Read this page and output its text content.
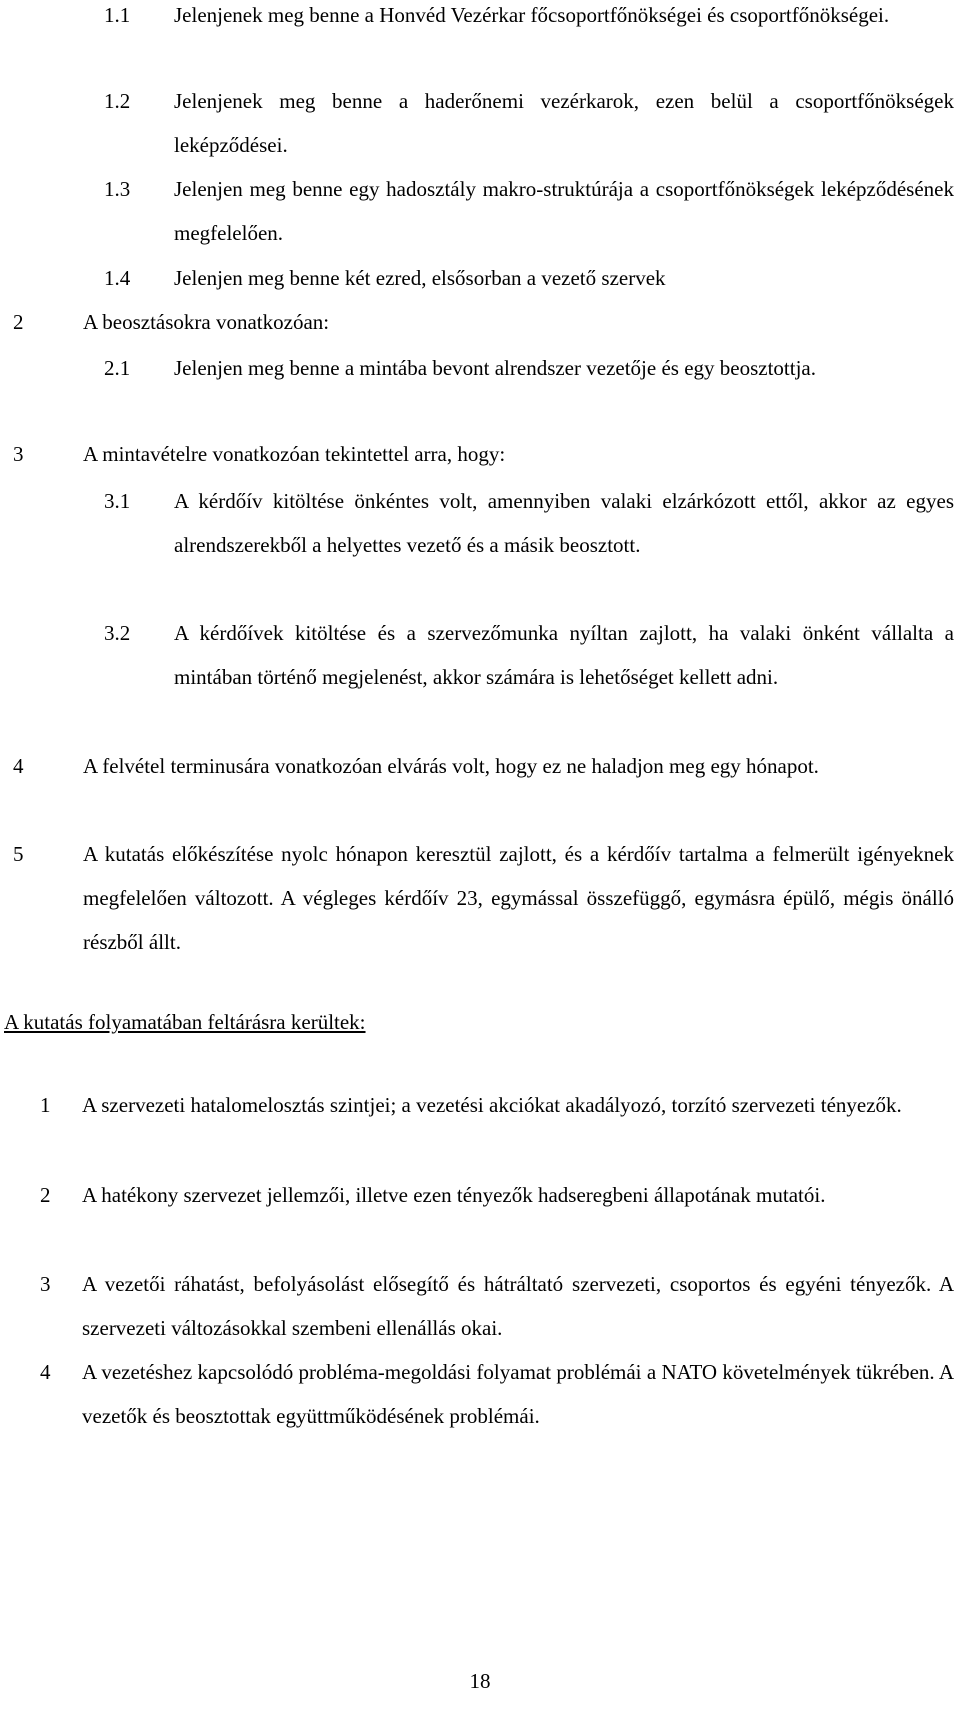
1.1	Jelenjenek meg benne a Honvéd Vezérkar főcsoportfőnökségei és csoportfőnökségei.
1.2	Jelenjenek meg benne a haderőnemi vezérkarok, ezen belül a csoportfőnökségek leképződései.
1.3	Jelenjen meg benne egy hadosztály makro-struktúrája a csoportfőnökségek leképződésének megfelelően.
1.4	Jelenjen meg benne két ezred, elsősorban a vezető szervek
2	A beosztásokra vonatkozóan:
2.1	Jelenjen meg benne a mintába bevont alrendszer vezetője és egy beosztottja.
3	A mintavételre vonatkozóan tekintettel arra, hogy:
3.1	A kérdőív kitöltése önkéntes volt, amennyiben valaki elzárkózott ettől, akkor az egyes alrendszerekből a helyettes vezető és a másik beosztott.
3.2	A kérdőívek kitöltése és a szervezőmunka nyíltan zajlott, ha valaki önként vállalta a mintában történő megjelenést, akkor számára is lehetőséget kellett adni.
4	A felvétel terminusára vonatkozóan elvárás volt, hogy ez ne haladjon meg egy hónapot.
5	A kutatás előkészítése nyolc hónapon keresztül zajlott, és a kérdőív tartalma a felmerült igényeknek megfelelően változott. A végleges kérdőív 23, egymással összefüggő, egymásra épülő, mégis önálló részből állt.
A kutatás folyamatában feltárásra kerültek:
1	A szervezeti hatalomelosztás szintjei; a vezetési akciókat akadályozó, torzító szervezeti tényezők.
2	A hatékony szervezet jellemzői, illetve ezen tényezők hadseregbeni állapotának mutatói.
3	A vezetői ráhatást, befolyásolást elősegítő és hátráltató szervezeti, csoportos és egyéni tényezők. A szervezeti változásokkal szembeni ellenállás okai.
4	A vezetéshez kapcsolódó probléma-megoldási folyamat problémái a NATO követelmények tükrében. A vezetők és beosztottak együttműködésének problémái.
18
